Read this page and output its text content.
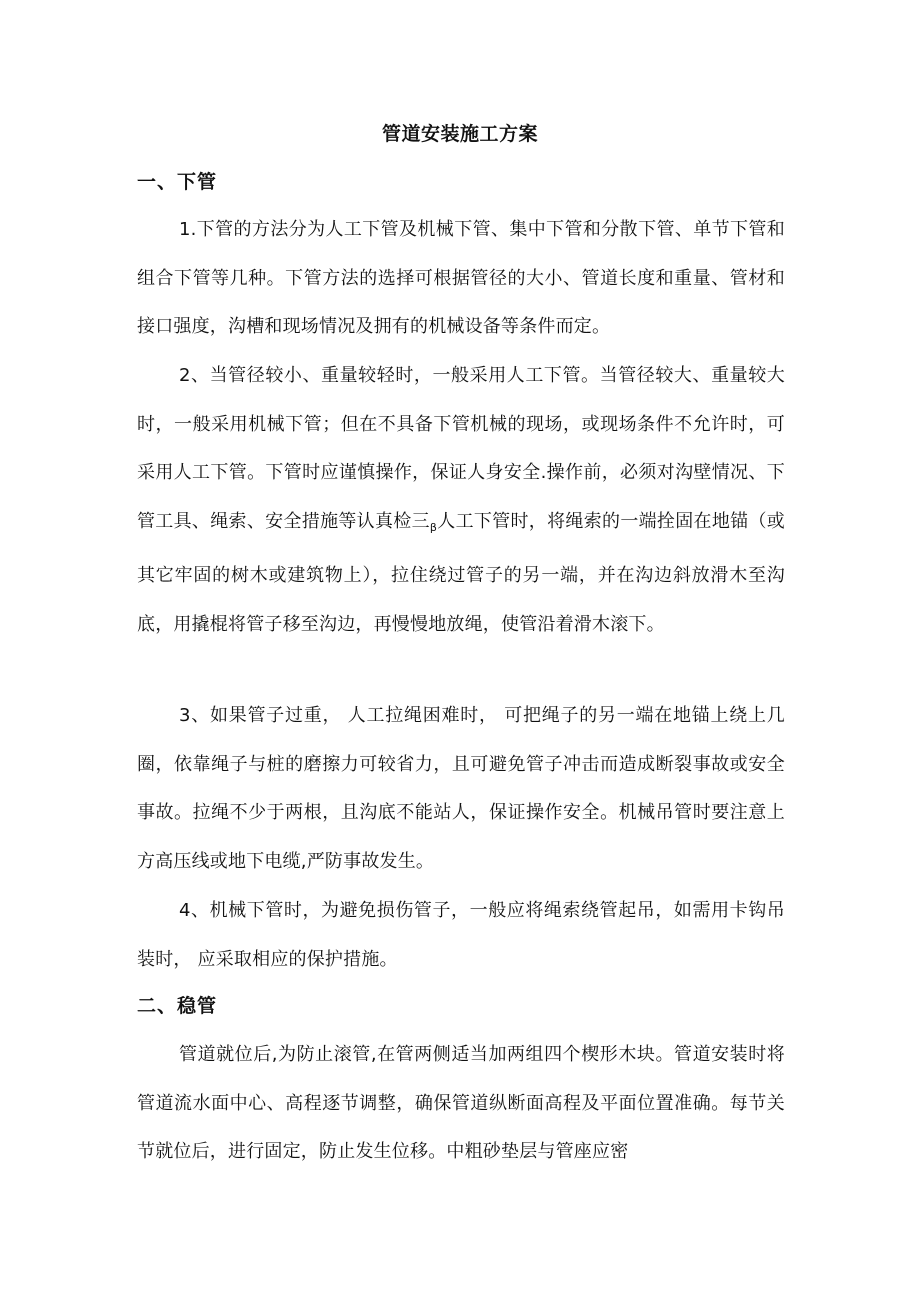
管道安装施工方案
一、下管

1.下管的方法分为人工下管及机械下管、集中下管和分散下管、单节下管和组合下管等几种。下管方法的选择可根据管径的大小、管道长度和重量、管材和接口强度，沟槽和现场情况及拥有的机械设备等条件而定。

2、当管径较小、重量较轻时，一般采用人工下管。当管径较大、重量较大时，一般采用机械下管；但在不具备下管机械的现场，或现场条件不允许时，可采用人工下管。下管时应谨慎操作，保证人身安全.操作前，必须对沟壁情况、下管工具、绳索、安全措施等认真检三$_\beta$人工下管时，将绳索的一端拴固在地锚（或其它牢固的树木或建筑物上），拉住绕过管子的另一端，并在沟边斜放滑木至沟底，用撬棍将管子移至沟边，再慢慢地放绳，使管沿着滑木滚下。

3、如果管子过重， 人工拉绳困难时， 可把绳子的另一端在地锚上绕上几圈，依靠绳子与桩的磨擦力可较省力，且可避免管子冲击而造成断裂事故或安全事故。拉绳不少于两根，且沟底不能站人，保证操作安全。机械吊管时要注意上方高压线或地下电缆,严防事故发生。

4、机械下管时，为避免损伤管子，一般应将绳索绕管起吊，如需用卡钩吊装时， 应采取相应的保护措施。

二、稳管

管道就位后,为防止滚管,在管两侧适当加两组四个楔形木块。管道安装时将管道流水面中心、高程逐节调整，确保管道纵断面高程及平面位置准确。每节关节就位后，进行固定，防止发生位移。中粗砂垫层与管座应密
